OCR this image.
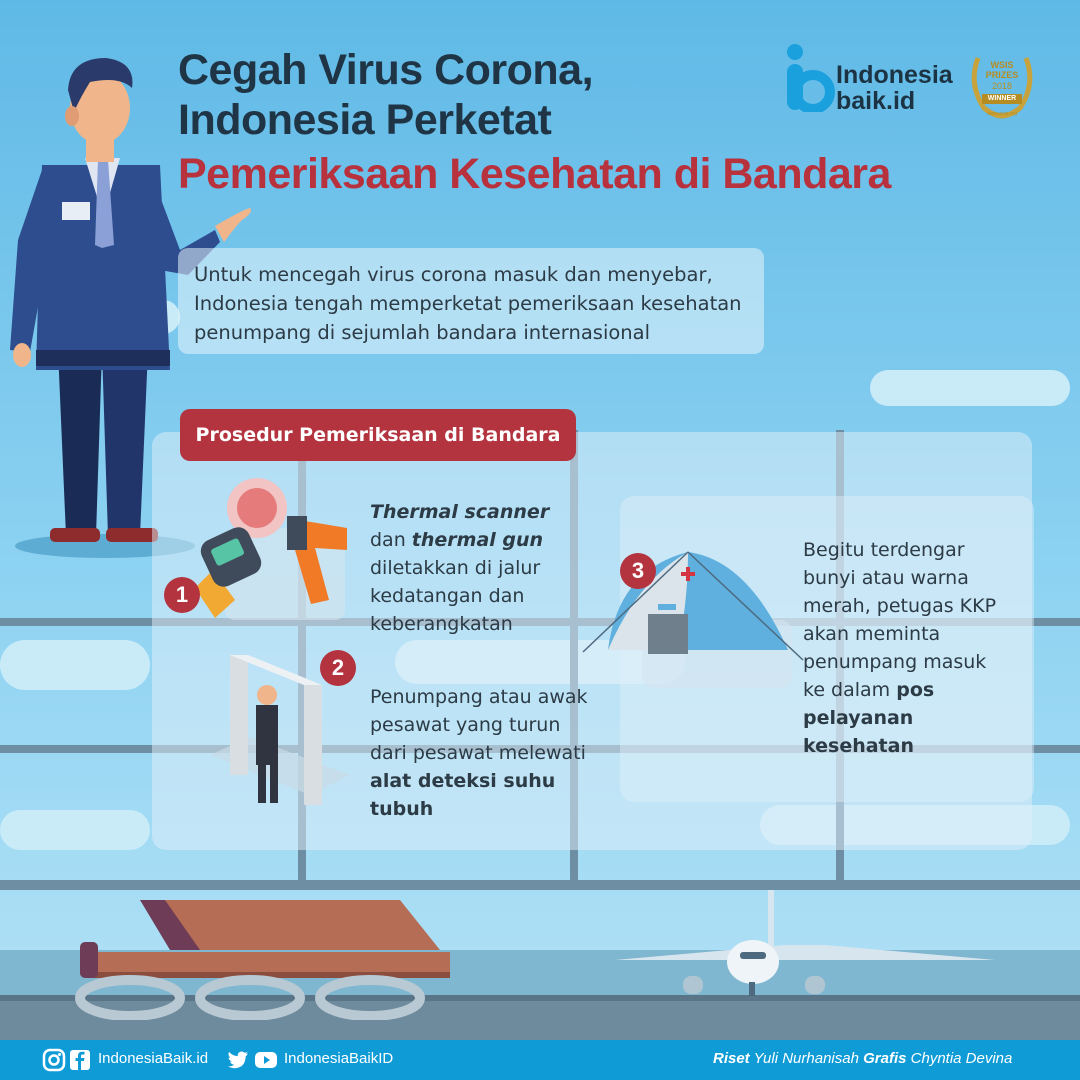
Cegah Virus Corona,
Indonesia Perketat
Pemeriksaan Kesehatan di Bandara
Indonesia
baik.id
WSIS
PRIZES
2018
WINNER
www.wsis.org

Untuk mencegah virus corona masuk dan menyebar, Indonesia tengah memperketat pemeriksaan kesehatan penumpang di sejumlah bandara internasional

Prosedur Pemeriksaan di Bandara
1
Thermal scanner
dan thermal gun
diletakkan di jalur
kedatangan dan
keberangkatan
2
Penumpang atau awak
pesawat yang turun
dari pesawat melewati
alat deteksi suhu
tubuh
3
Begitu terdengar
bunyi atau warna
merah, petugas KKP
akan meminta
penumpang masuk
ke dalam pos
pelayanan
kesehatan
IndonesiaBaik.id	IndonesiaBaikID	Riset Yuli Nurhanisah Grafis Chyntia Devina
